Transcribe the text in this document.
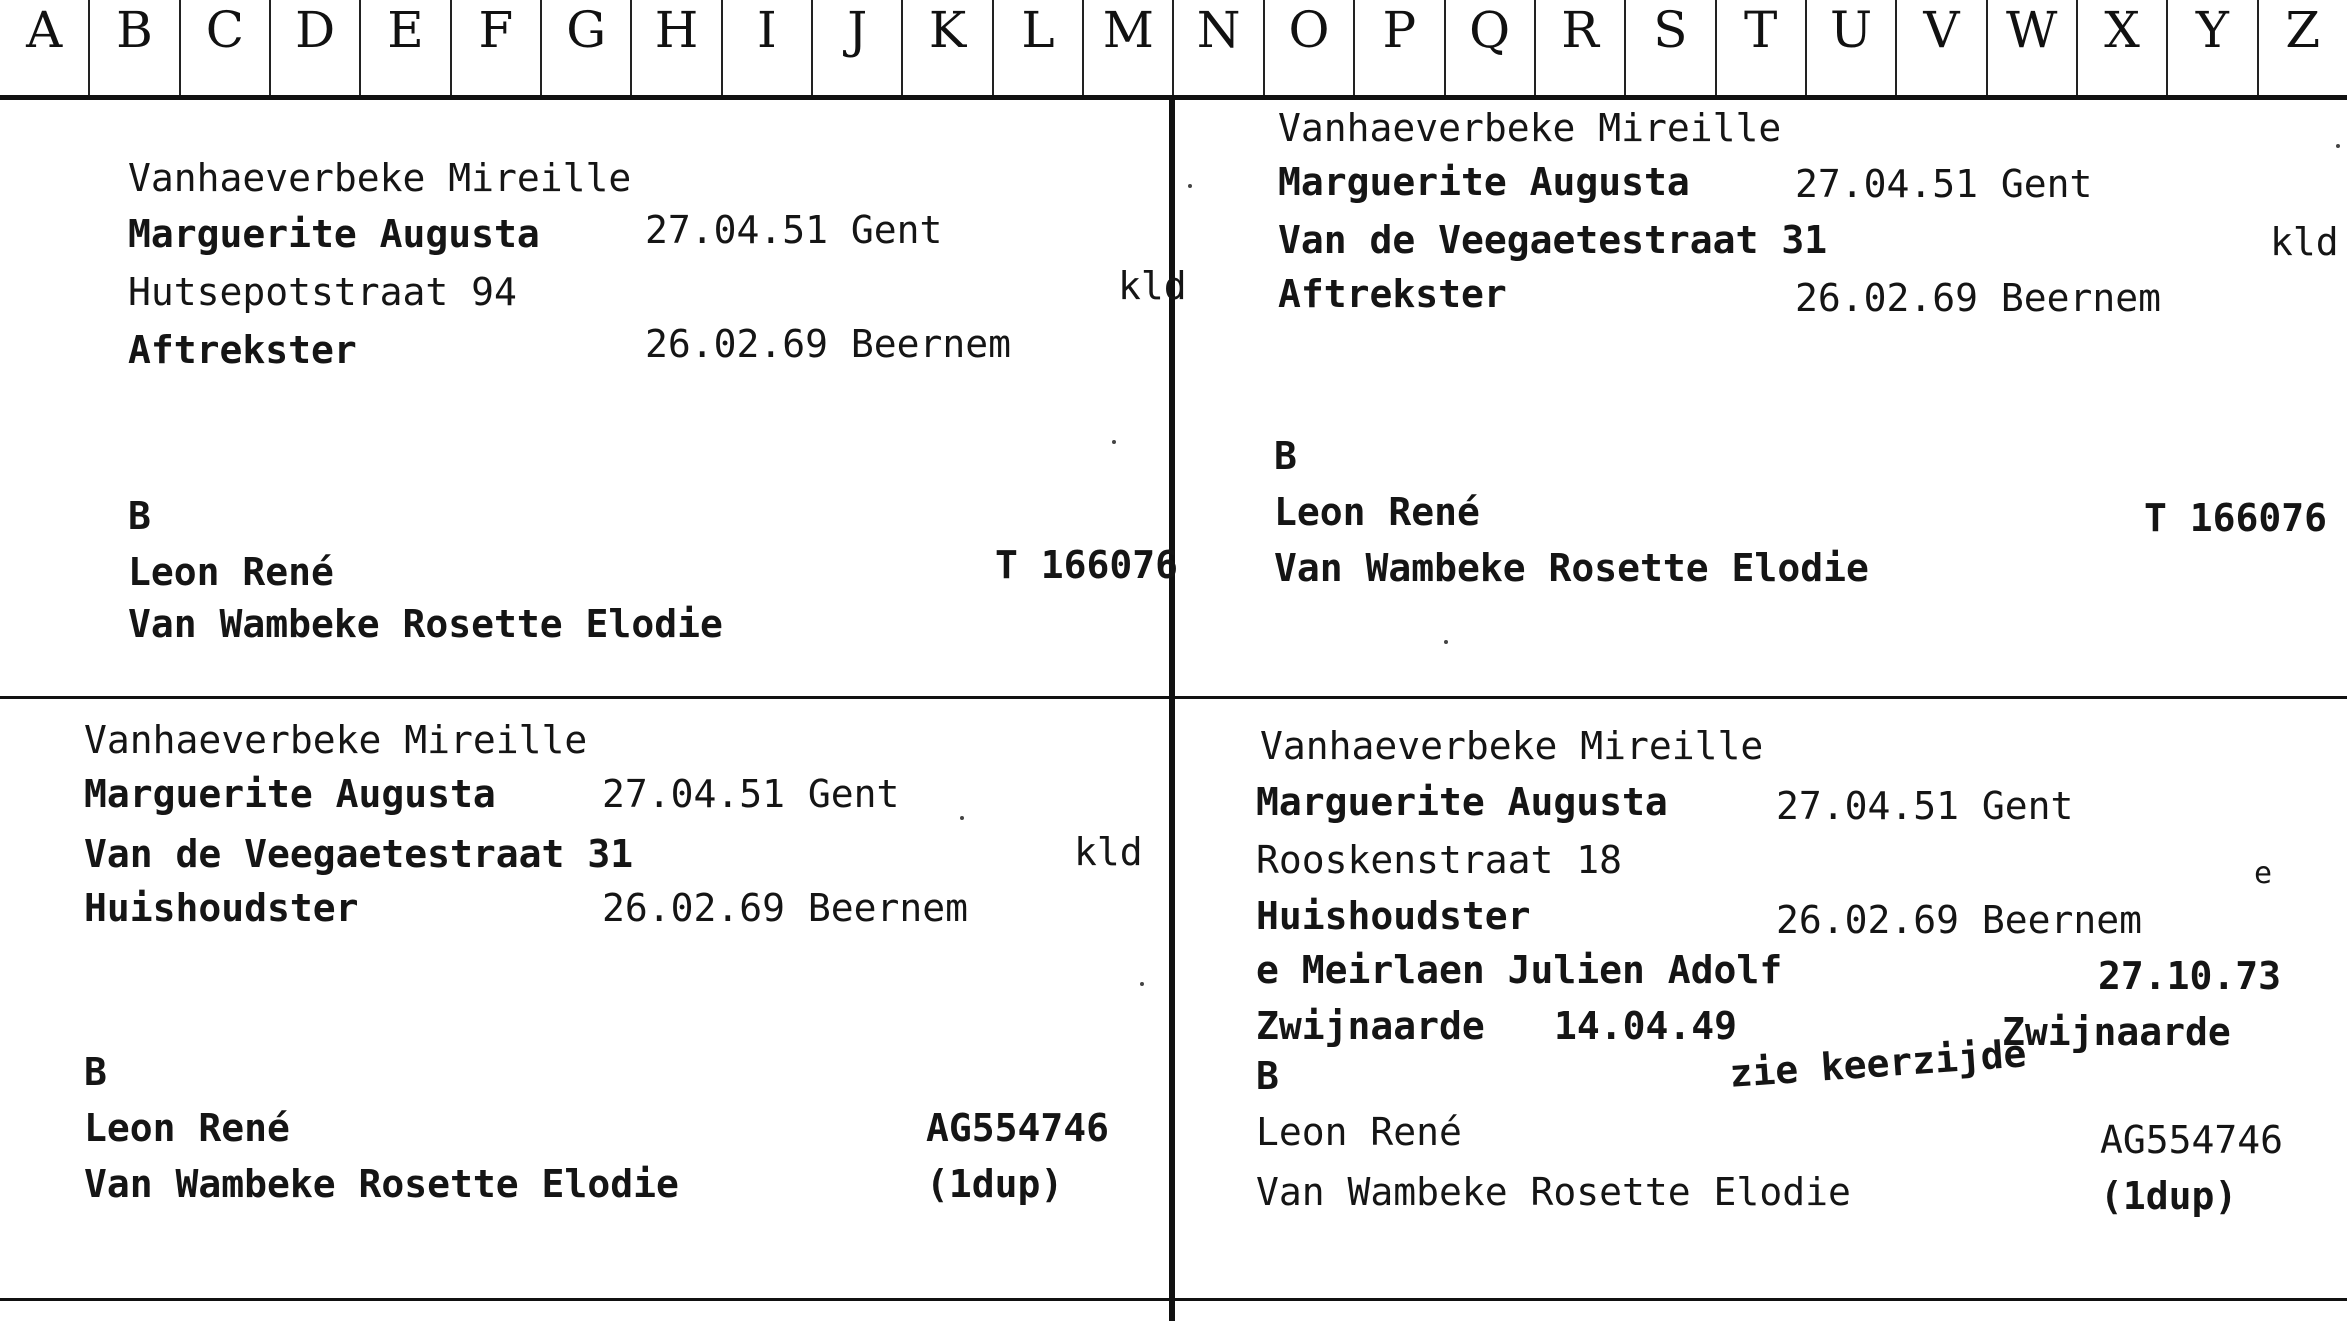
A	B	C	D	E	F	G H	I	J	K	L M N O	P	Q	R	S	T	U	V W X	Y	Z
Vanhaeverbeke Mireille
Marguerite Augusta	27.04.51 Gent
Hutsepotstraat 94	kld
Aftrekster	26.02.69 Beernem
B
Leon René	T 166076
Van Wambeke Rosette Elodie
Vanhaeverbeke Mireille
Marguerite Augusta	27.04.51 Gent
Van de Veegaetestraat 31	kld
Aftrekster	26.02.69 Beernem
B
Leon René	T 166076
Van Wambeke Rosette Elodie
Vanhaeverbeke Mireille
Marguerite Augusta	27.04.51 Gent
Van de Veegaetestraat 31	kld
Huishoudster	26.02.69 Beernem
B
Leon René	AG554746
Van Wambeke Rosette Elodie	(1dup)
Vanhaeverbeke Mireille
Marguerite Augusta	27.04.51 Gent
Rooskenstraat 18	e
Huishoudster	26.02.69 Beernem
e Meirlaen Julien Adolf	27.10.73
Zwijnaarde 14.04.49	Zwijnaarde
zie keerzijde
B
Leon René	AG554746
Van Wambeke Rosette Elodie	(1dup)
